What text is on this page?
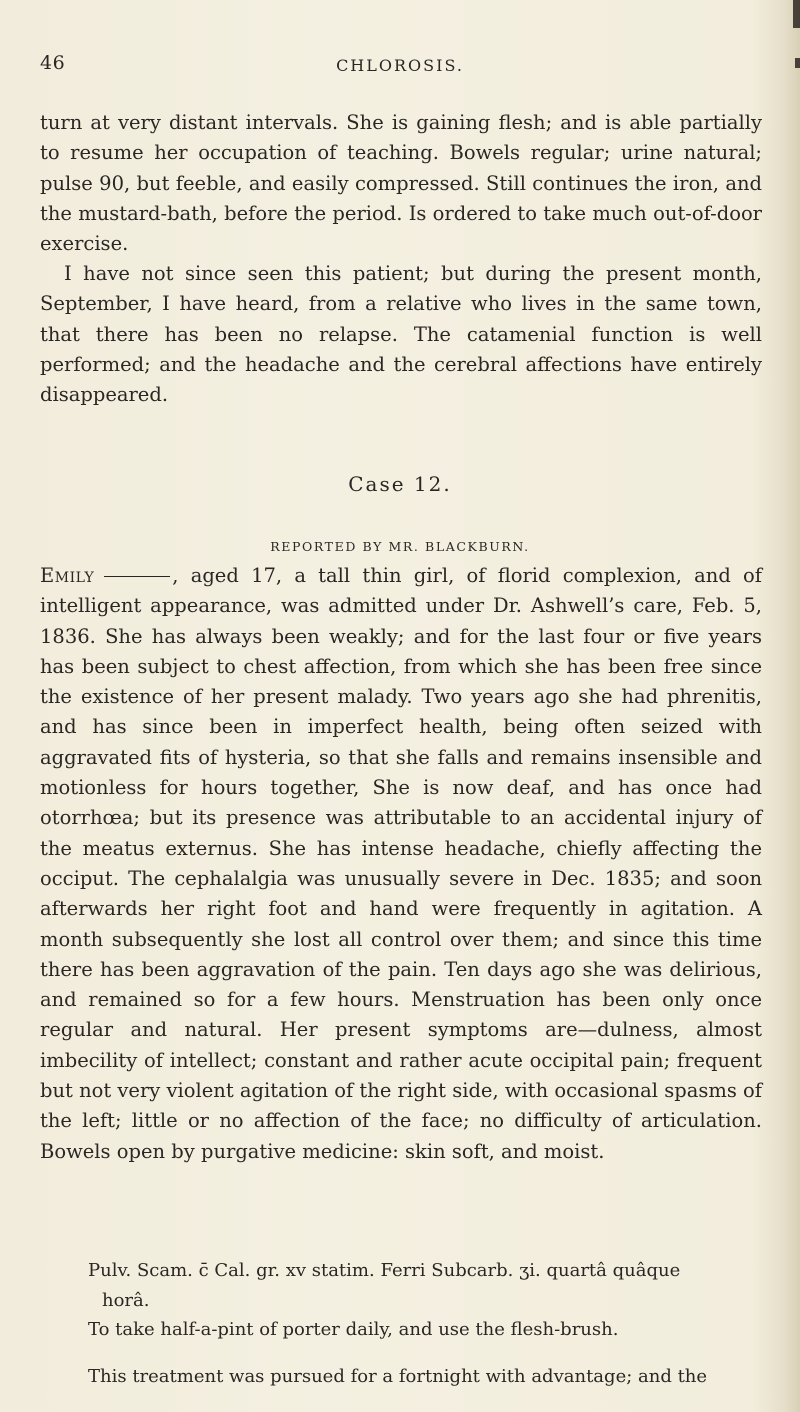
46	CHLOROSIS.

turn at very distant intervals. She is gaining flesh; and is able partially to resume her occupation of teaching. Bowels regular; urine natural; pulse 90, but feeble, and easily compressed. Still continues the iron, and the mustard-bath, before the period. Is ordered to take much out-of-door exercise.

I have not since seen this patient; but during the present month, September, I have heard, from a relative who lives in the same town, that there has been no relapse. The catamenial function is well performed; and the headache and the cerebral affections have entirely disappeared.

Case 12.
REPORTED BY MR. BLACKBURN.

Emily	, aged 17, a tall thin girl, of florid complexion, and of intelligent appearance, was admitted under Dr. Ashwell’s care, Feb. 5, 1836. She has always been weakly; and for the last four or five years has been subject to chest affection, from which she has been free since the existence of her present malady. Two years ago she had phrenitis, and has since been in imperfect health, being often seized with aggravated fits of hysteria, so that she falls and remains insensible and motionless for hours together, She is now deaf, and has once had otorrhœa; but its presence was attributable to an accidental injury of the meatus externus. She has intense headache, chiefly affecting the occiput. The cephalalgia was unusually severe in Dec. 1835; and soon afterwards her right foot and hand were frequently in agitation. A month subsequently she lost all control over them; and since this time there has been aggravation of the pain. Ten days ago she was delirious, and remained so for a few hours. Menstruation has been only once regular and natural. Her present symptoms are—dulness, almost imbecility of intellect; constant and rather acute occipital pain; frequent but not very violent agitation of the right side, with occasional spasms of the left; little or no affection of the face; no difficulty of articulation. Bowels open by purgative medicine: skin soft, and moist.

Pulv. Scam. c̄ Cal. gr. xv statim. Ferri Subcarb. ʒi. quartâ quâque

horâ.

To take half-a-pint of porter daily, and use the flesh-brush.

This treatment was pursued for a fortnight with advantage; and the
